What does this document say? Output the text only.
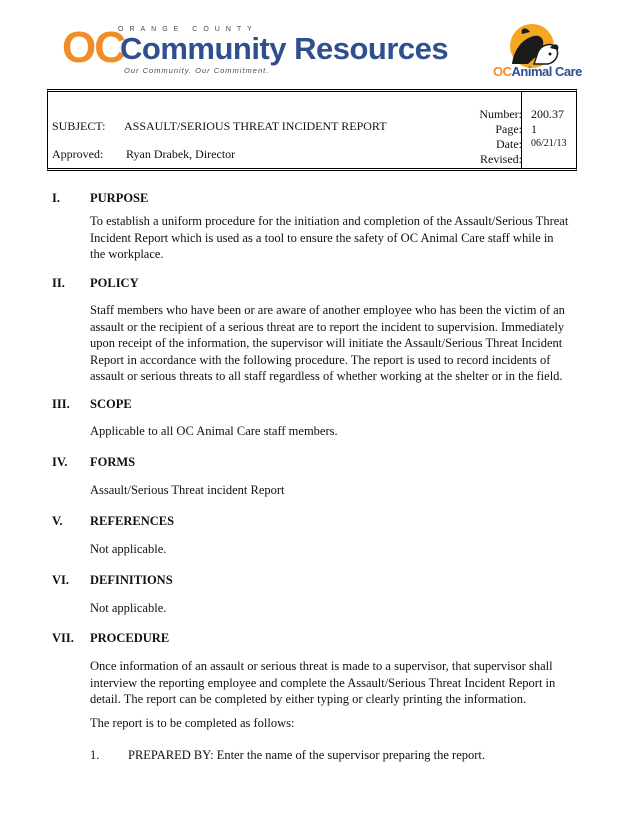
ORANGE COUNTY
OC
Community Resources
Our Community. Our Commitment.	OCAnimal Care
SUBJECT: ASSAULT/SERIOUS THREAT INCIDENT REPORT
Approved: Ryan Drabek, Director
Number: 200.37
Page: 1
Date: 06/21/13
Revised:
I. PURPOSE

To establish a uniform procedure for the initiation and completion of the Assault/Serious Threat
Incident Report which is used as a tool to ensure the safety of OC Animal Care staff while in
the workplace.

II. POLICY

Staff members who have been or are aware of another employee who has been the victim of an
assault or the recipient of a serious threat are to report the incident to supervision. Immediately
upon receipt of the information, the supervisor will initiate the Assault/Serious Threat Incident
Report in accordance with the following procedure. The report is used to record incidents of
assault or serious threats to all staff regardless of whether working at the shelter or in the field.

III. SCOPE

Applicable to all OC Animal Care staff members.

IV. FORMS

Assault/Serious Threat incident Report

V. REFERENCES

Not applicable.

VI. DEFINITIONS

Not applicable.

VII. PROCEDURE

Once information of an assault or serious threat is made to a supervisor, that supervisor shall
interview the reporting employee and complete the Assault/Serious Threat Incident Report in
detail. The report can be completed by either typing or clearly printing the information.

The report is to be completed as follows:

1. PREPARED BY: Enter the name of the supervisor preparing the report.
